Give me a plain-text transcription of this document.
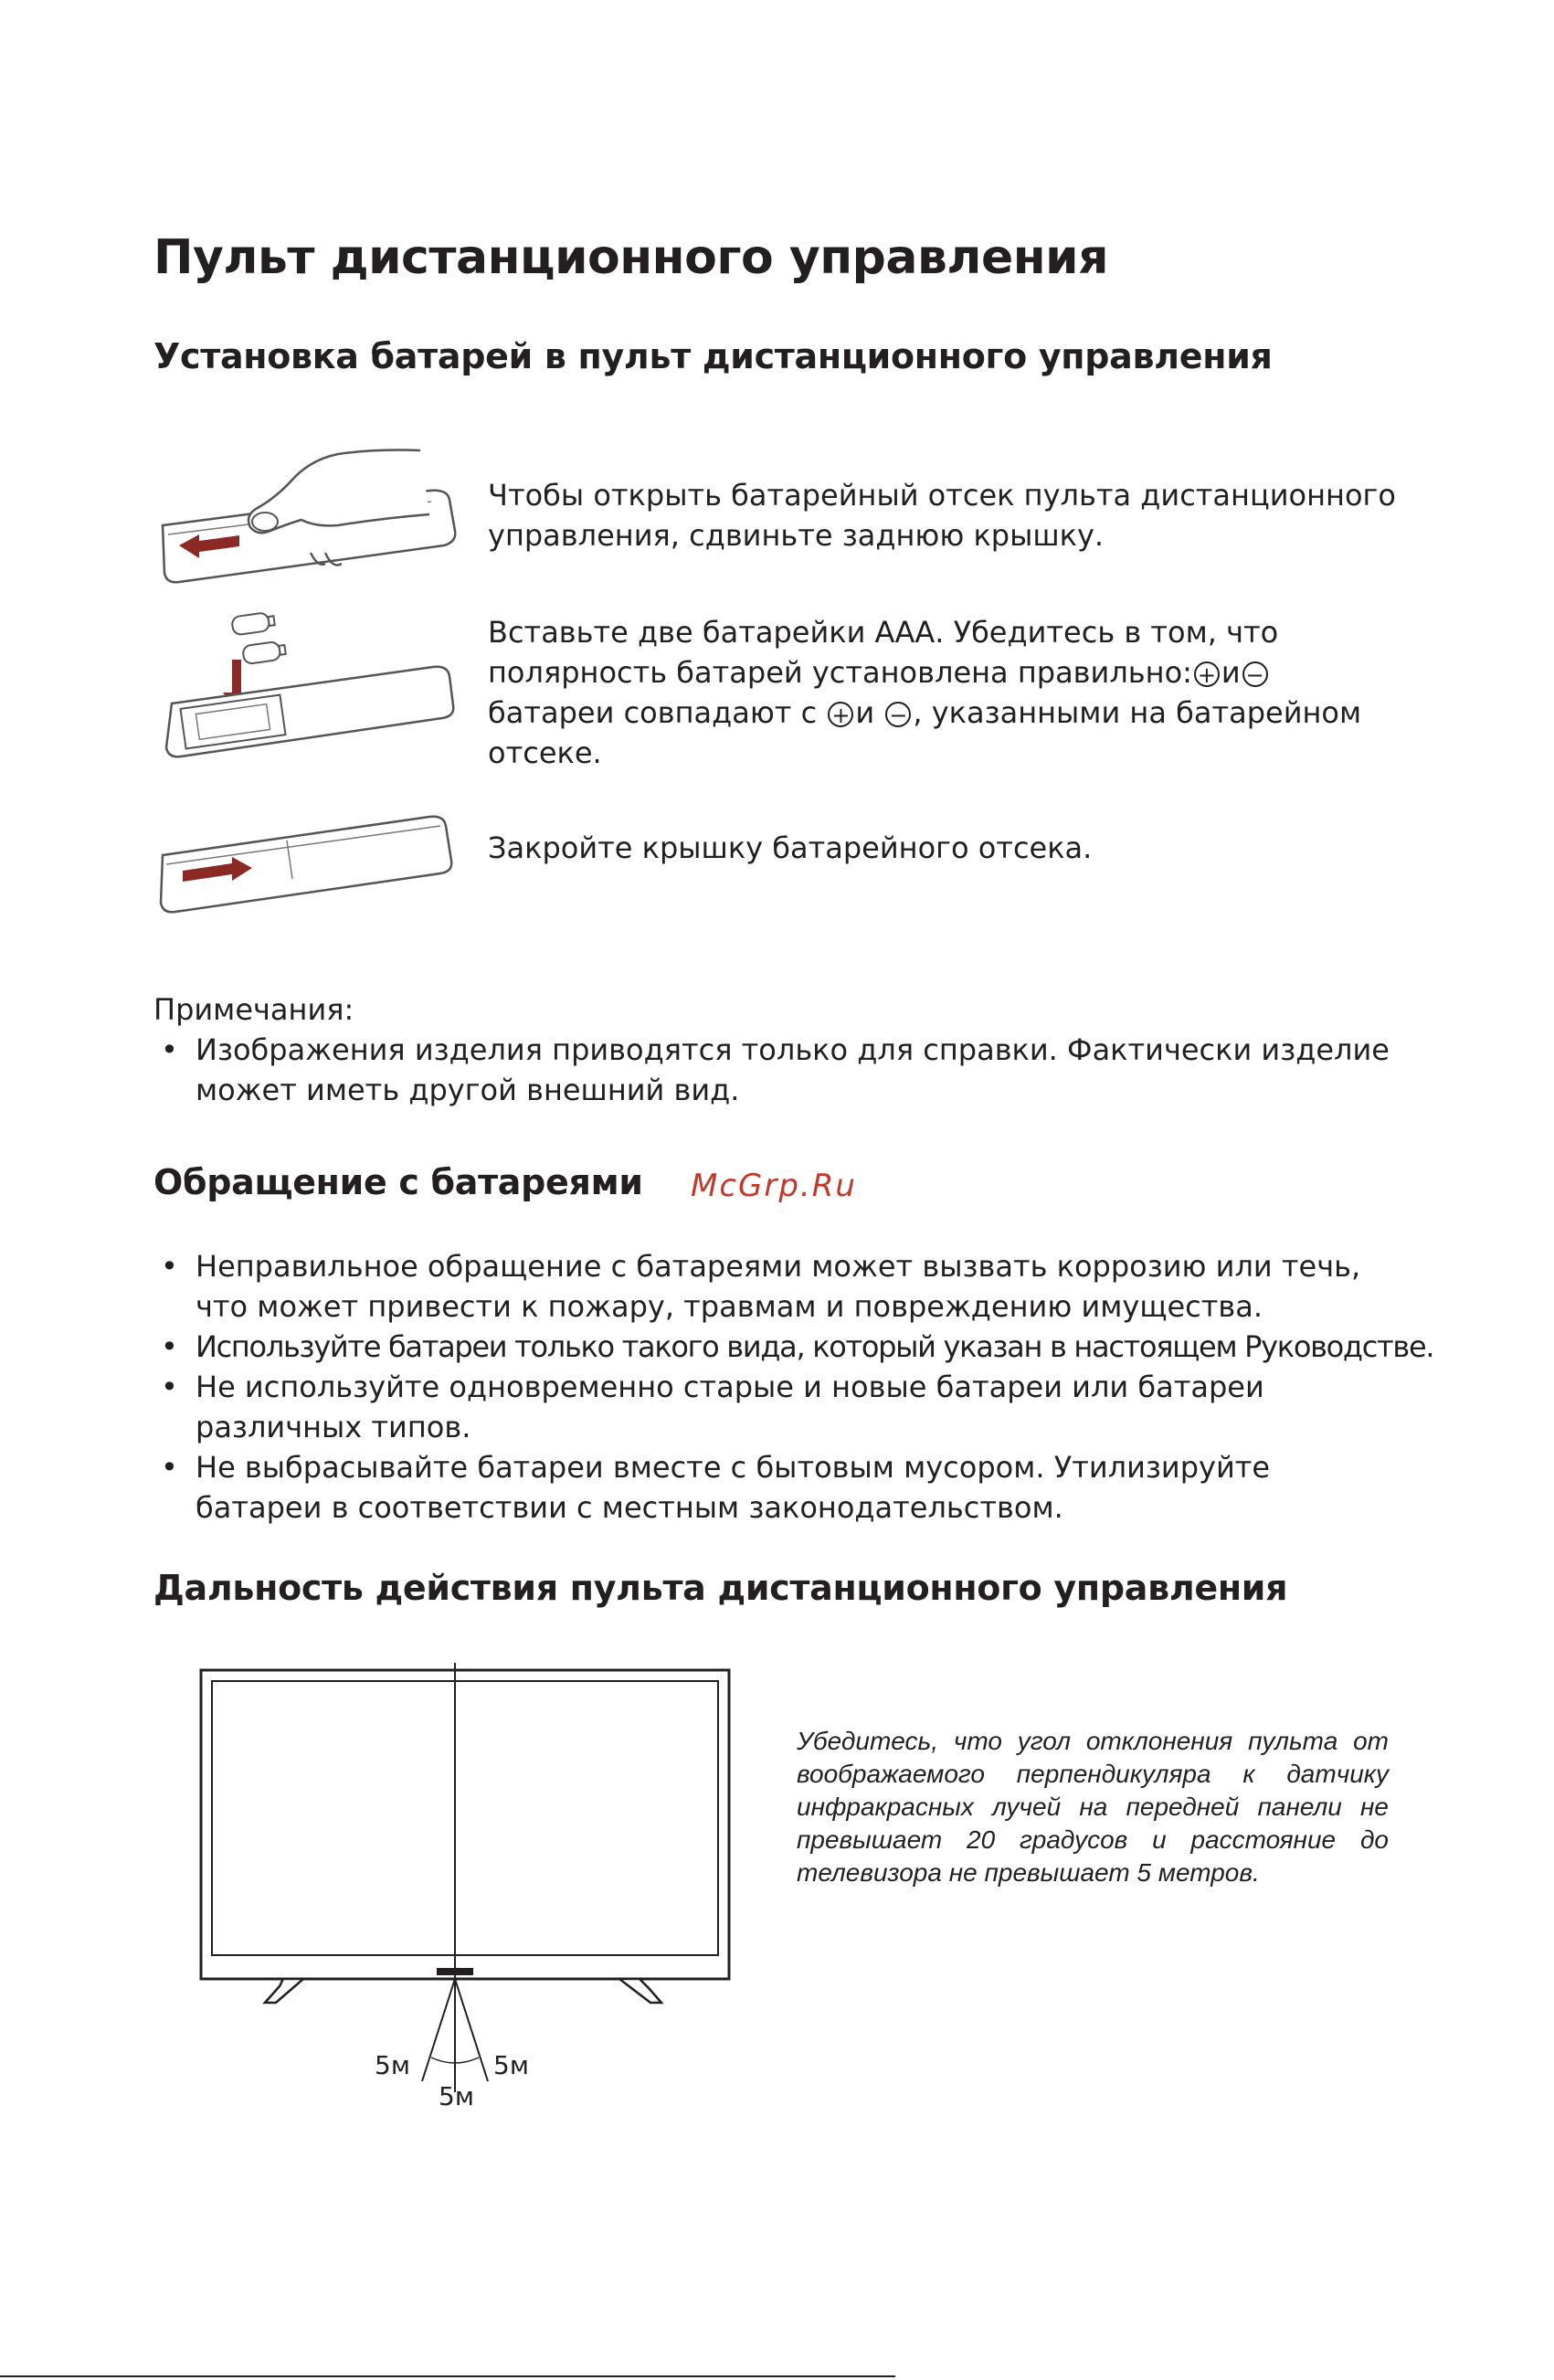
Пульт дистанционного управления
Установка батарей в пульт дистанционного управления
Чтобы открыть батарейный отсек пульта дистанционного
управления, сдвиньте заднюю крышку.
Вставьте две батарейки ААА. Убедитесь в том, что
полярность батарей установлена правильно: + и −
батареи совпадают с + и − , указанными на батарейном
отсеке.
Закройте крышку батарейного отсека.
Примечания:
• Изображения изделия приводятся только для справки. Фактически изделие может иметь другой внешний вид.
Обращение с батареями McGrp.Ru
• Неправильное обращение с батареями может вызвать коррозию или течь, что может привести к пожару, травмам и повреждению имущества.
• Используйте батареи только такого вида, который указан в настоящем Руководстве.
• Не используйте одновременно старые и новые батареи или батареи различных типов.
• Не выбрасывайте батареи вместе с бытовым мусором. Утилизируйте батареи в соответствии с местным законодательством.
Дальность действия пульта дистанционного управления
5м	5м
5м
Убедитесь, что угол отклонения пульта от воображаемого перпендикуляра к датчику инфракрасных лучей на передней панели не превышает 20 градусов и расстояние до телевизора не превышает 5 метров.
